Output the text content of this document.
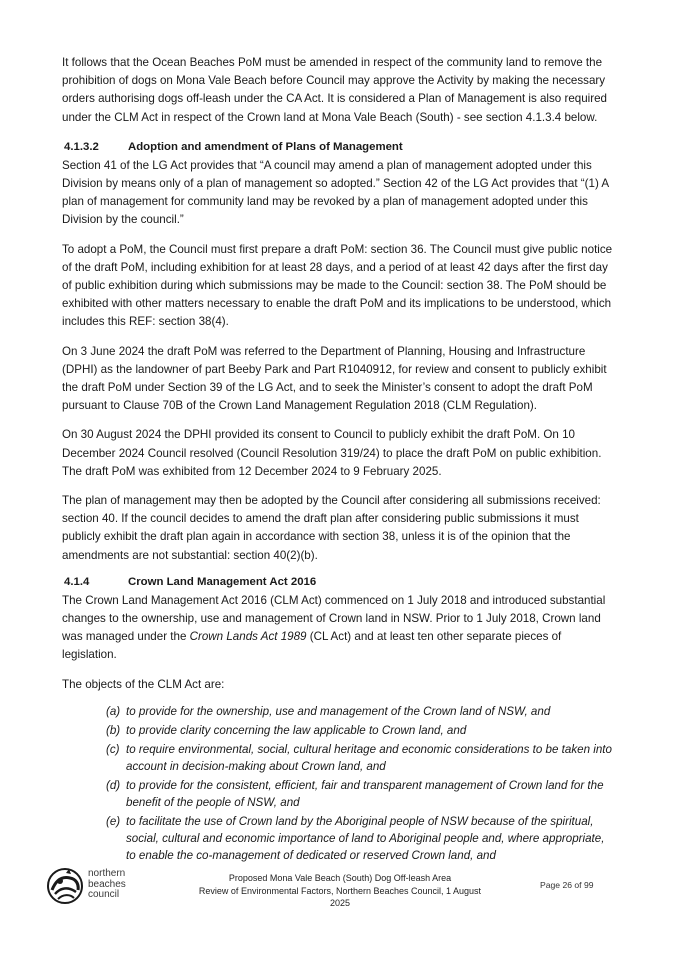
It follows that the Ocean Beaches PoM must be amended in respect of the community land to remove the prohibition of dogs on Mona Vale Beach before Council may approve the Activity by making the necessary orders authorising dogs off-leash under the CA Act. It is considered a Plan of Management is also required under the CLM Act in respect of the Crown land at Mona Vale Beach (South) - see section 4.1.3.4 below.

4.1.3.2	Adoption and amendment of Plans of Management

Section 41 of the LG Act provides that “A council may amend a plan of management adopted under this Division by means only of a plan of management so adopted.” Section 42 of the LG Act provides that “(1) A plan of management for community land may be revoked by a plan of management adopted under this Division by the council.”

To adopt a PoM, the Council must first prepare a draft PoM: section 36. The Council must give public notice of the draft PoM, including exhibition for at least 28 days, and a period of at least 42 days after the first day of public exhibition during which submissions may be made to the Council: section 38. The PoM should be exhibited with other matters necessary to enable the draft PoM and its implications to be understood, which includes this REF: section 38(4).

On 3 June 2024 the draft PoM was referred to the Department of Planning, Housing and Infrastructure (DPHI) as the landowner of part Beeby Park and Part R1040912, for review and consent to publicly exhibit the draft PoM under Section 39 of the LG Act, and to seek the Minister’s consent to adopt the draft PoM pursuant to Clause 70B of the Crown Land Management Regulation 2018 (CLM Regulation).

On 30 August 2024 the DPHI provided its consent to Council to publicly exhibit the draft PoM. On 10 December 2024 Council resolved (Council Resolution 319/24) to place the draft PoM on public exhibition. The draft PoM was exhibited from 12 December 2024 to 9 February 2025.

The plan of management may then be adopted by the Council after considering all submissions received: section 40. If the council decides to amend the draft plan after considering public submissions it must publicly exhibit the draft plan again in accordance with section 38, unless it is of the opinion that the amendments are not substantial: section 40(2)(b).

4.1.4	Crown Land Management Act 2016

The Crown Land Management Act 2016 (CLM Act) commenced on 1 July 2018 and introduced substantial changes to the ownership, use and management of Crown land in NSW. Prior to 1 July 2018, Crown land was managed under the Crown Lands Act 1989 (CL Act) and at least ten other separate pieces of legislation.

The objects of the CLM Act are:

(a) to provide for the ownership, use and management of the Crown land of NSW, and
(b) to provide clarity concerning the law applicable to Crown land, and
(c) to require environmental, social, cultural heritage and economic considerations to be taken into account in decision-making about Crown land, and
(d) to provide for the consistent, efficient, fair and transparent management of Crown land for the benefit of the people of NSW, and
(e) to facilitate the use of Crown land by the Aboriginal people of NSW because of the spiritual, social, cultural and economic importance of land to Aboriginal people and, where appropriate, to enable the co-management of dedicated or reserved Crown land, and
northern
beaches
council
Proposed Mona Vale Beach (South) Dog Off-leash Area
Review of Environmental Factors, Northern Beaches Council, 1 August 2025
Page 26 of 99
